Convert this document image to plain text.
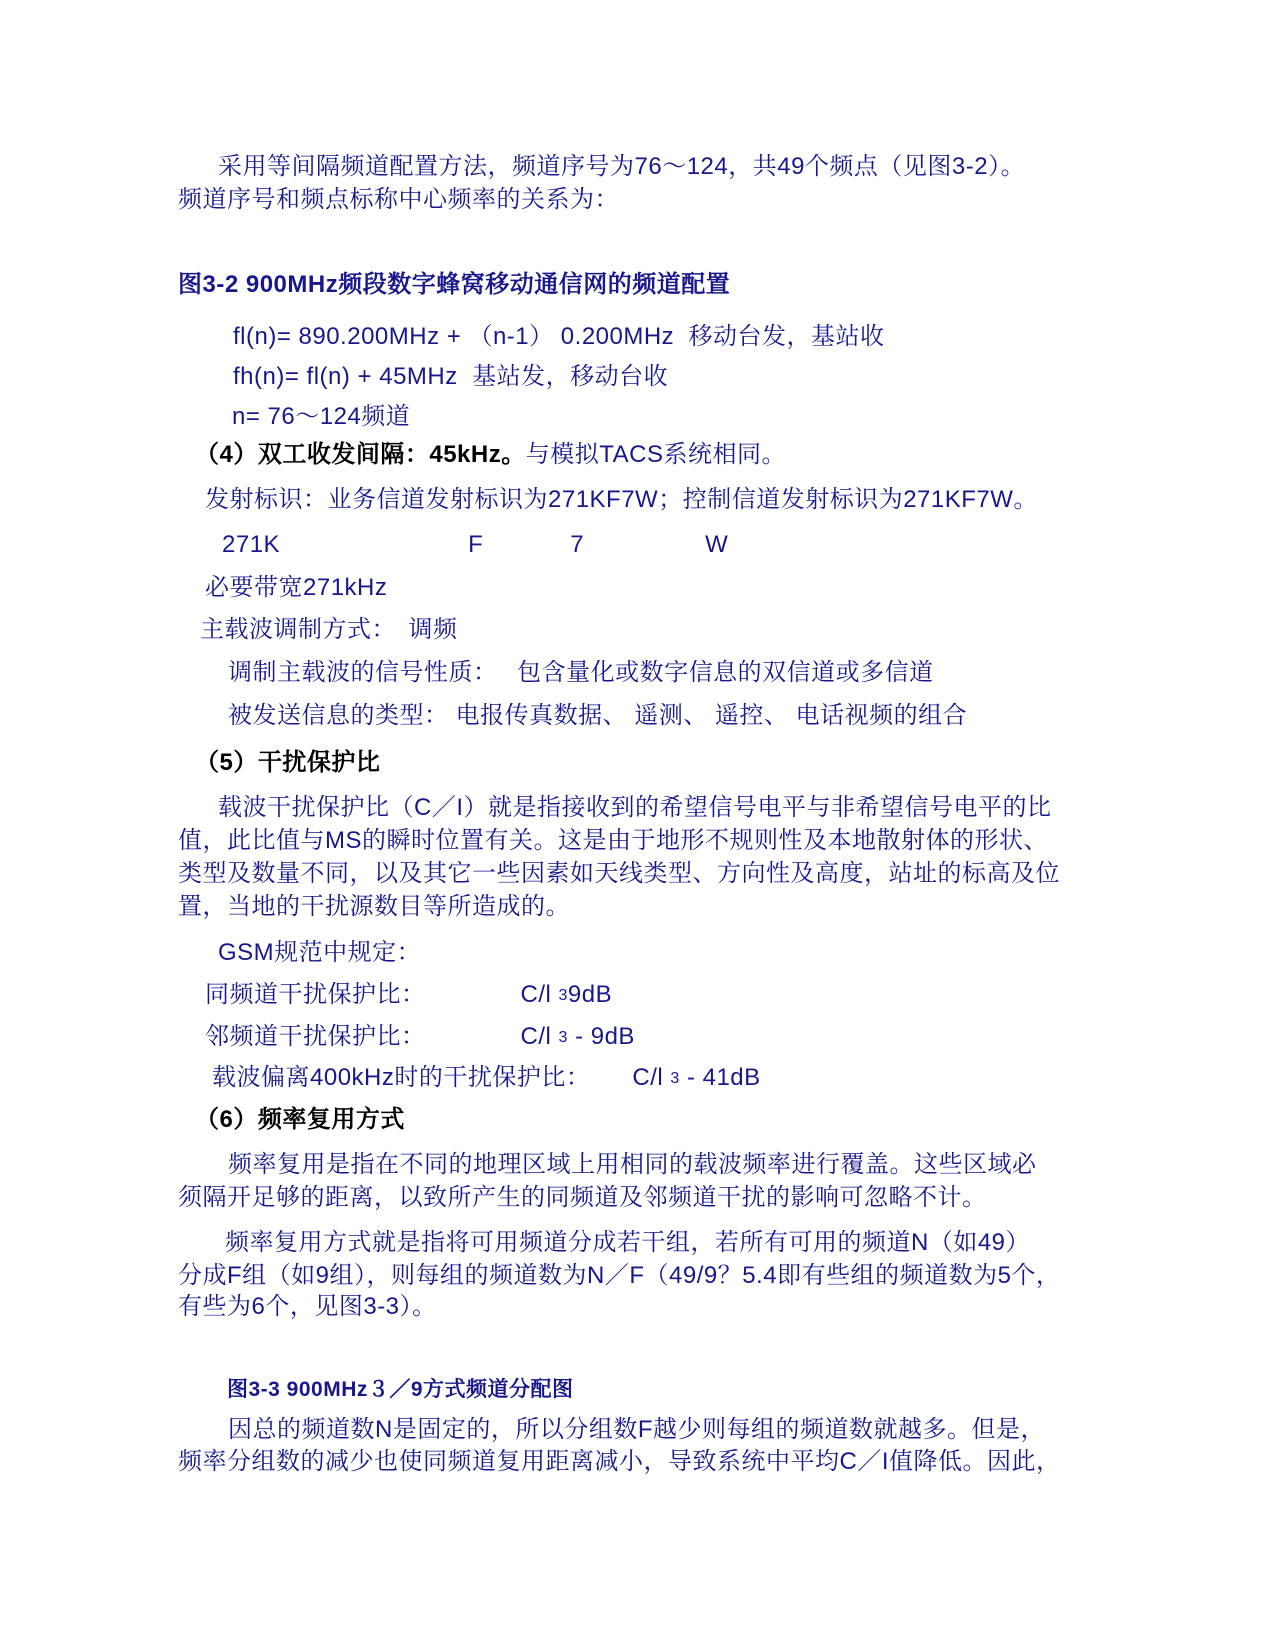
采用等间隔频道配置方法，频道序号为76～124，共49个频点（见图3-2）。
频道序号和频点标称中心频率的关系为：
图3-2 900MHz频段数字蜂窝移动通信网的频道配置
fl(n)= 890.200MHz + （n-1） 0.200MHz  移动台发，基站收
fh(n)= fl(n) + 45MHz  基站发，移动台收
n= 76～124频道
（4）双工收发间隔：45kHz。与模拟TACS系统相同。
发射标识：业务信道发射标识为271KF7W；控制信道发射标识为271KF7W。
271K	F	7	W
必要带宽271kHz
主载波调制方式：　调频
调制主载波的信号性质：　 包含量化或数字信息的双信道或多信道
被发送信息的类型： 电报传真数据、 遥测、 遥控、 电话视频的组合
（5）干扰保护比
载波干扰保护比（C／I）就是指接收到的希望信号电平与非希望信号电平的比
值，此比值与MS的瞬时位置有关。这是由于地形不规则性及本地散射体的形状、
类型及数量不同，以及其它一些因素如天线类型、方向性及高度，站址的标高及位
置，当地的干扰源数目等所造成的。
GSM规范中规定：
同频道干扰保护比：	C/l 39dB
邻频道干扰保护比：	C/l 3 - 9dB
载波偏离400kHz时的干扰保护比： C/l 3 - 41dB
（6）频率复用方式
频率复用是指在不同的地理区域上用相同的载波频率进行覆盖。这些区域必
须隔开足够的距离，以致所产生的同频道及邻频道干扰的影响可忽略不计。
频率复用方式就是指将可用频道分成若干组，若所有可用的频道N（如49）
分成F组（如9组），则每组的频道数为N／F（49/9？5.4即有些组的频道数为5个，
有些为6个，见图3-3）。
图3-3 900MHz３／9方式频道分配图
因总的频道数N是固定的，所以分组数F越少则每组的频道数就越多。但是，
频率分组数的减少也使同频道复用距离减小，导致系统中平均C／I值降低。因此，
